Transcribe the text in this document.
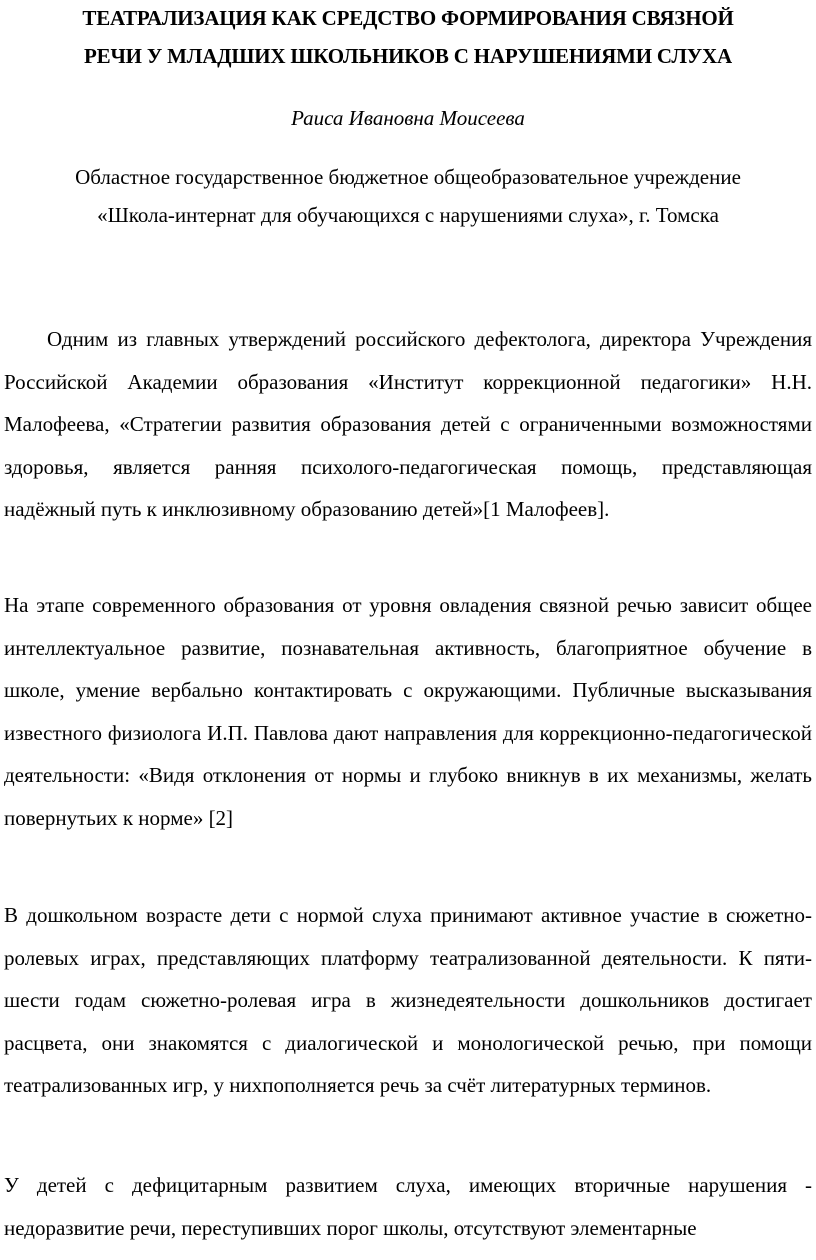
ТЕАТРАЛИЗАЦИЯ КАК СРЕДСТВО ФОРМИРОВАНИЯ СВЯЗНОЙ
РЕЧИ У МЛАДШИХ ШКОЛЬНИКОВ С НАРУШЕНИЯМИ СЛУХА
Раиса Ивановна Моисеева
Областное государственное бюджетное общеобразовательное учреждение
«Школа-интернат для обучающихся с нарушениями слуха», г. Томска

Одним из главных утверждений российского дефектолога, директора Учреждения Российской Академии образования «Институт коррекционной педагогики» Н.Н. Малофеева, «Стратегии развития образования детей с ограниченными возможностями здоровья, является ранняя психолого-педагогическая помощь, представляющая надёжный путь к инклюзивному образованию детей»[1 Малофеев].

На этапе современного образования от уровня овладения связной речью зависит общее интеллектуальное развитие, познавательная активность, благоприятное обучение в школе, умение вербально контактировать с окружающими. Публичные высказывания известного физиолога И.П. Павлова дают направления для коррекционно-педагогической деятельности: «Видя отклонения от нормы и глубоко вникнув в их механизмы, желать повернутьих к норме» [2]

В дошкольном возрасте дети с нормой слуха принимают активное участие в сюжетно-ролевых играх, представляющих платформу театрализованной деятельности. К пяти-шести годам сюжетно-ролевая игра в жизнедеятельности дошкольников достигает расцвета, они знакомятся с диалогической и монологической речью, при помощи театрализованных игр, у нихпополняется речь за счёт литературных терминов.

У детей с дефицитарным развитием слуха, имеющих вторичные нарушения - недоразвитие речи, переступивших порог школы, отсутствуют элементарные
